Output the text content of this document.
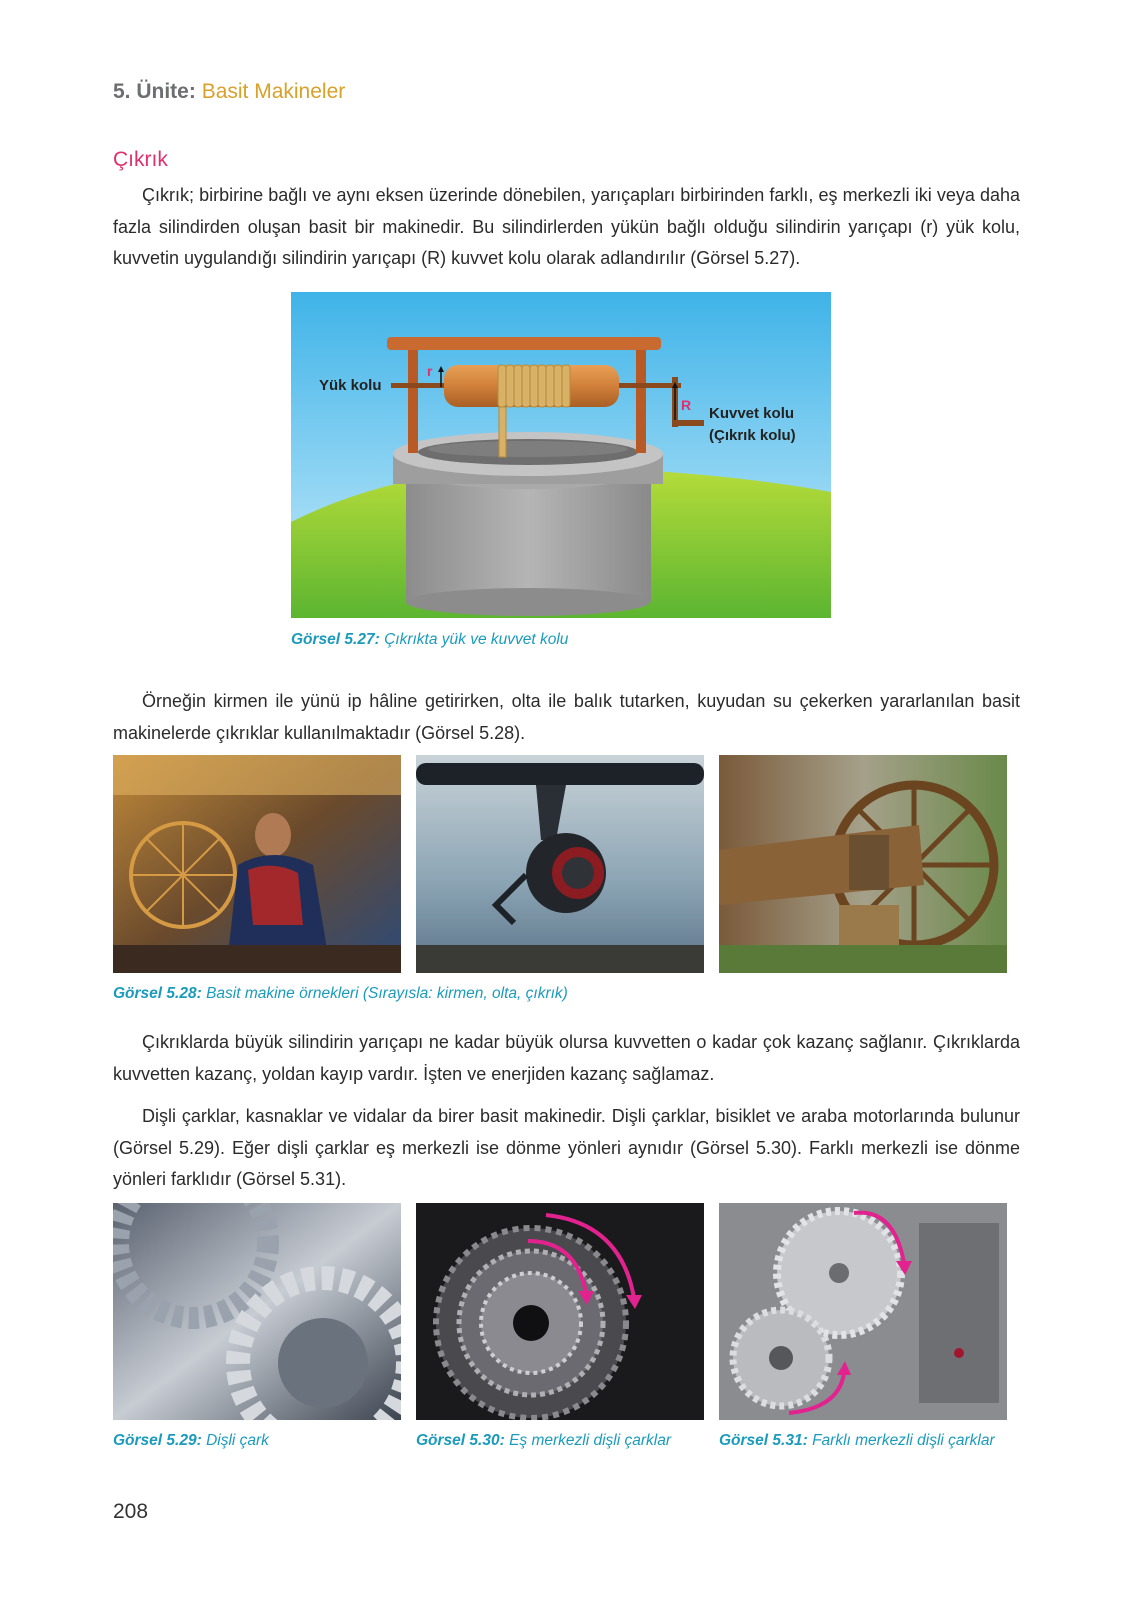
5. Ünite: Basit Makineler
Çıkrık

Çıkrık; birbirine bağlı ve aynı eksen üzerinde dönebilen, yarıçapları birbirinden farklı, eş merkezli iki veya daha fazla silindirden oluşan basit bir makinedir. Bu silindirlerden yükün bağlı olduğu silindirin yarıçapı (r) yük kolu, kuvvetin uygulandığı silindirin yarıçapı (R) kuvvet kolu olarak adlandırılır (Görsel 5.27).

Yük kolu
r
R Kuvvet kolu
(Çıkrık kolu)
Görsel 5.27: Çıkrıkta yük ve kuvvet kolu

Örneğin kirmen ile yünü ip hâline getirirken, olta ile balık tutarken, kuyudan su çekerken yararlanılan basit makinelerde çıkrıklar kullanılmaktadır (Görsel 5.28).

Görsel 5.28: Basit makine örnekleri (Sırayısla: kirmen, olta, çıkrık)

Çıkrıklarda büyük silindirin yarıçapı ne kadar büyük olursa kuvvetten o kadar çok kazanç sağlanır. Çıkrıklarda kuvvetten kazanç, yoldan kayıp vardır. İşten ve enerjiden kazanç sağlamaz.

Dişli çarklar, kasnaklar ve vidalar da birer basit makinedir. Dişli çarklar, bisiklet ve araba motorlarında bulunur (Görsel 5.29). Eğer dişli çarklar eş merkezli ise dönme yönleri aynıdır (Görsel 5.30). Farklı merkezli ise dönme yönleri farklıdır (Görsel 5.31).

Görsel 5.29: Dişli çark	Görsel 5.30: Eş merkezli dişli çarklar	Görsel 5.31: Farklı merkezli dişli çarklar
208
